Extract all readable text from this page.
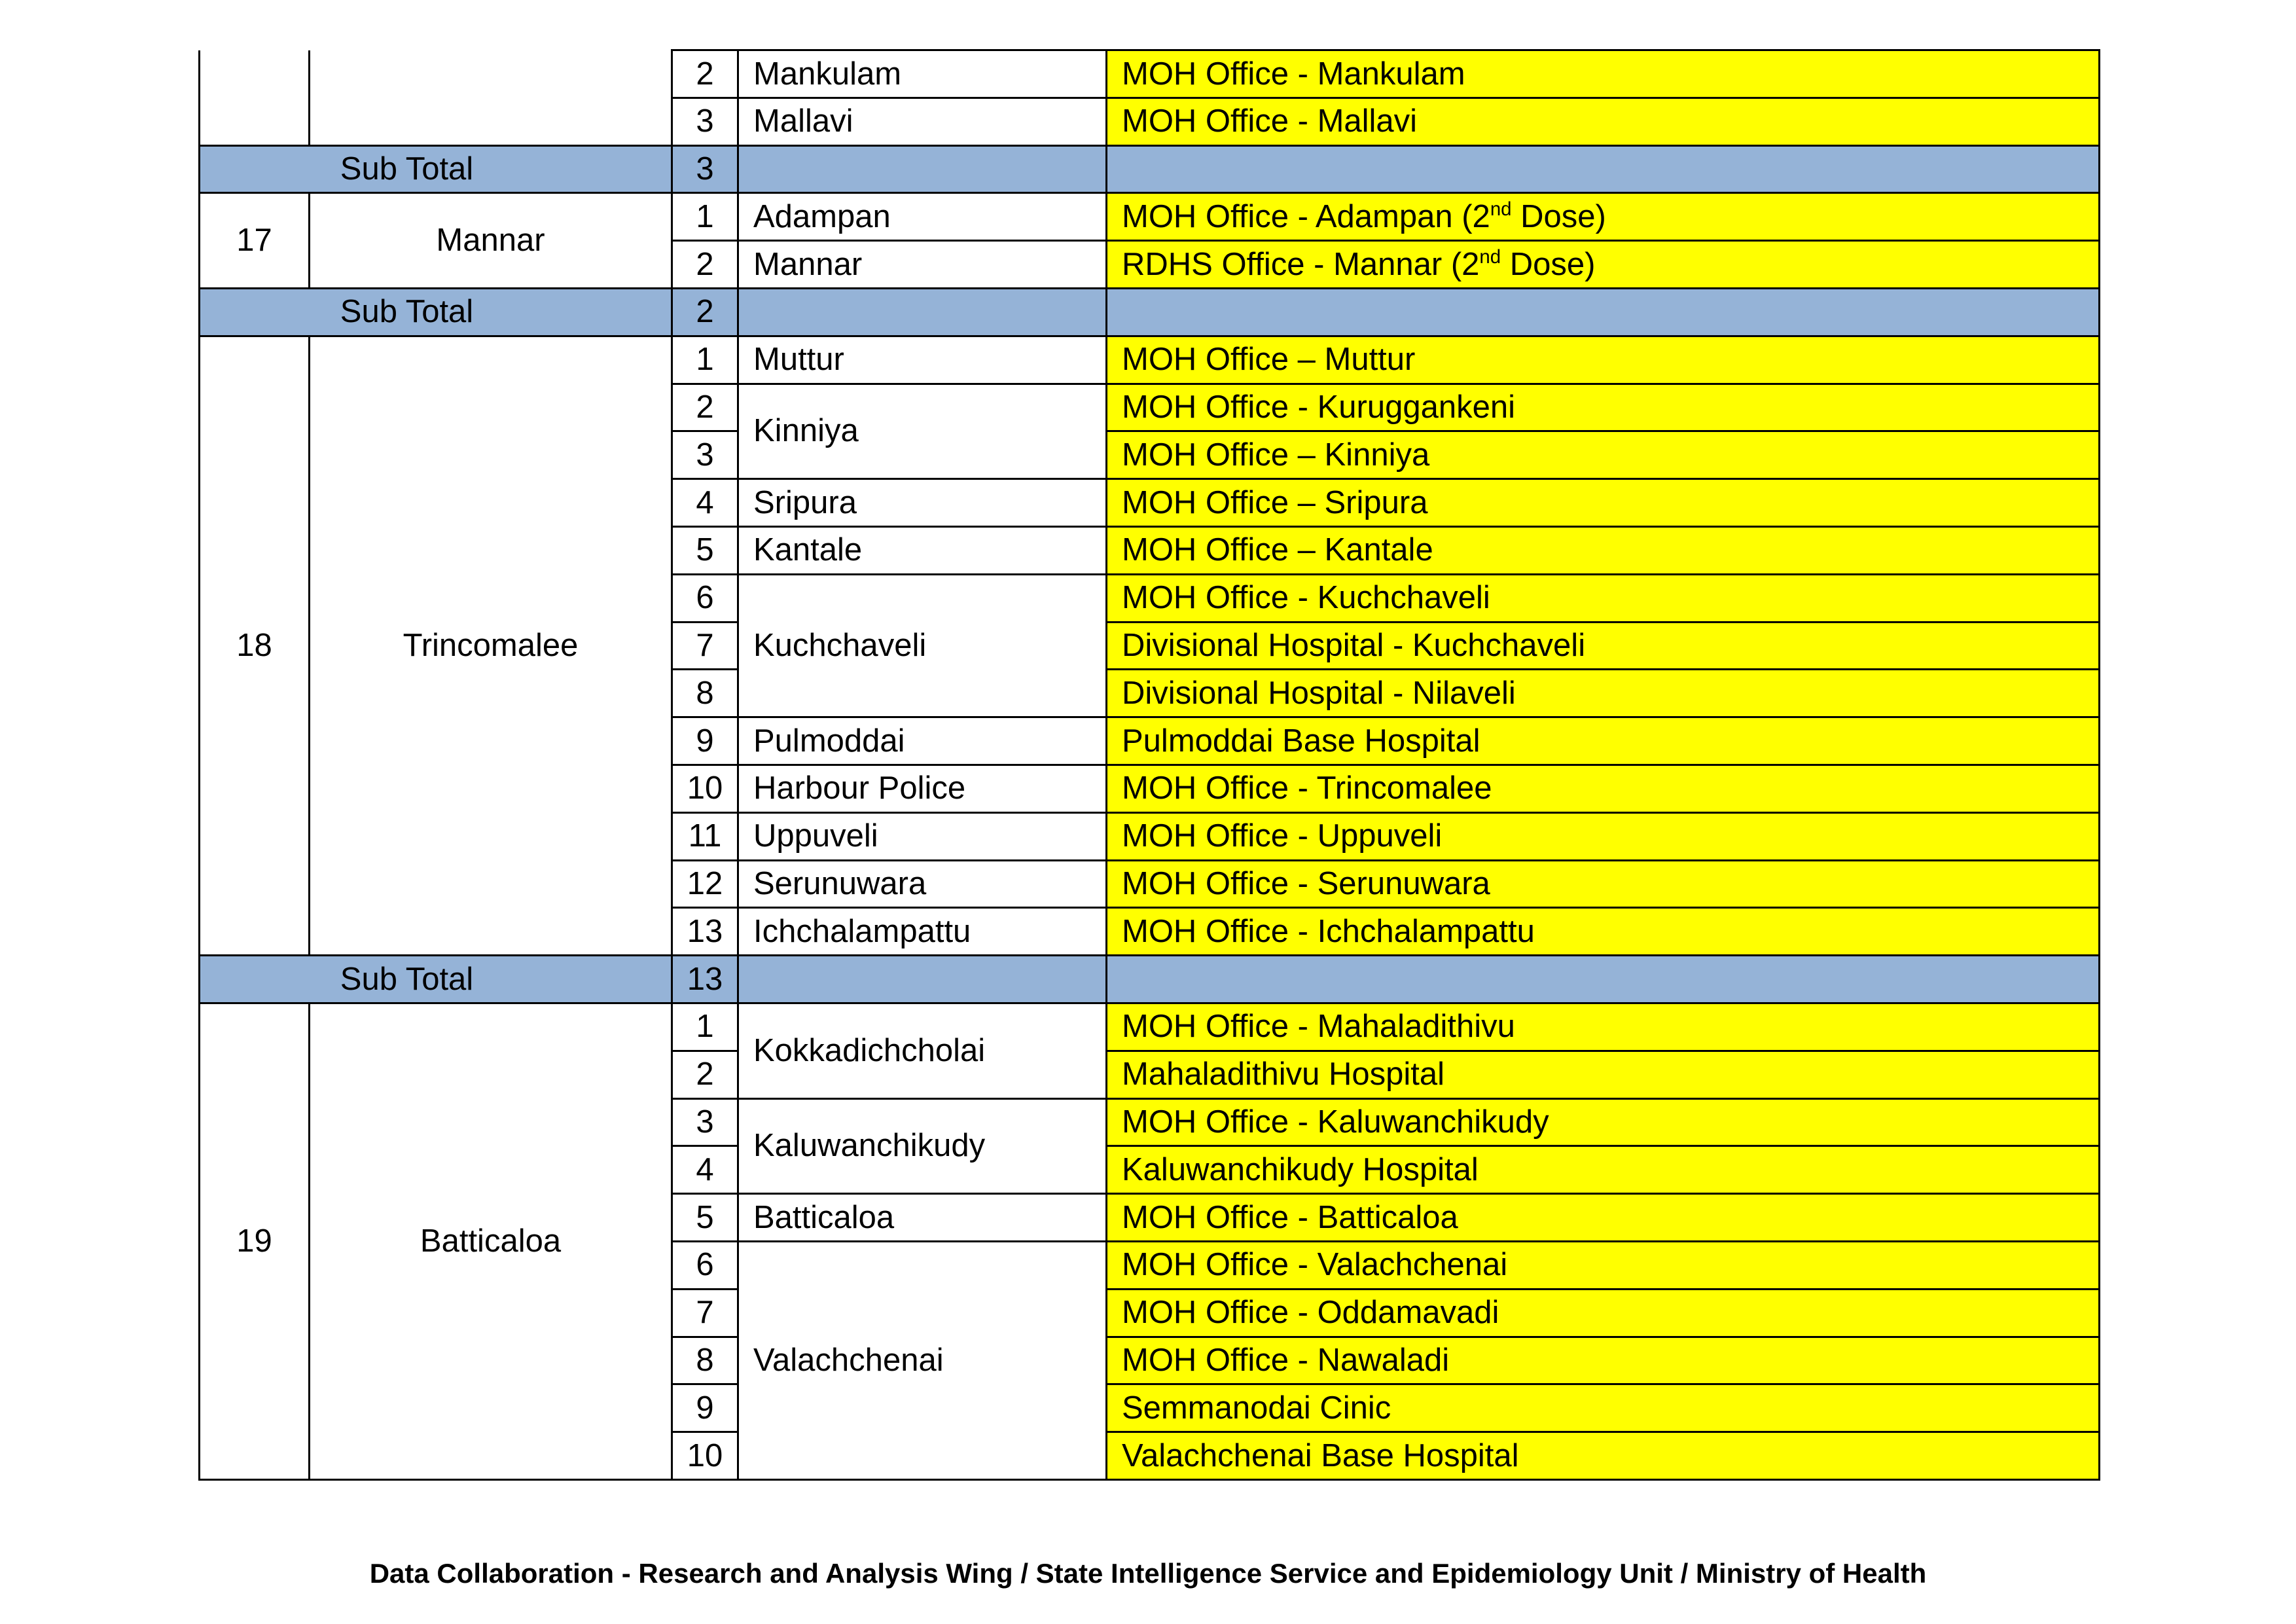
		2	Mankulam	MOH Office - Mankulam
		3	Mallavi	MOH Office - Mallavi
Sub Total		3		
17	Mannar	1	Adampan	MOH Office - Adampan (2nd Dose)
		2	Mannar	RDHS Office - Mannar (2nd Dose)
Sub Total		2		
18	Trincomalee	1	Muttur	MOH Office – Muttur
		2	Kinniya	MOH Office - Kuruggankeni
		3		MOH Office – Kinniya
		4	Sripura	MOH Office – Sripura
		5	Kantale	MOH Office – Kantale
		6	Kuchchaveli	MOH Office - Kuchchaveli
		7		Divisional Hospital - Kuchchaveli
		8		Divisional Hospital - Nilaveli
		9	Pulmoddai	Pulmoddai Base Hospital
		10	Harbour Police	MOH Office - Trincomalee
		11	Uppuveli	MOH Office - Uppuveli
		12	Serunuwara	MOH Office - Serunuwara
		13	Ichchalampattu	MOH Office - Ichchalampattu
Sub Total		13		
19	Batticaloa	1	Kokkadichcholai	MOH Office - Mahaladithivu
		2		Mahaladithivu Hospital
		3	Kaluwanchikudy	MOH Office - Kaluwanchikudy
		4		Kaluwanchikudy Hospital
		5	Batticaloa	MOH Office - Batticaloa
		6	Valachchenai	MOH Office - Valachchenai
		7		MOH Office - Oddamavadi
		8		MOH Office - Nawaladi
		9		Semmanodai Cinic
		10		Valachchenai Base Hospital
Data Collaboration - Research and Analysis Wing / State Intelligence Service and Epidemiology Unit / Ministry of Health
